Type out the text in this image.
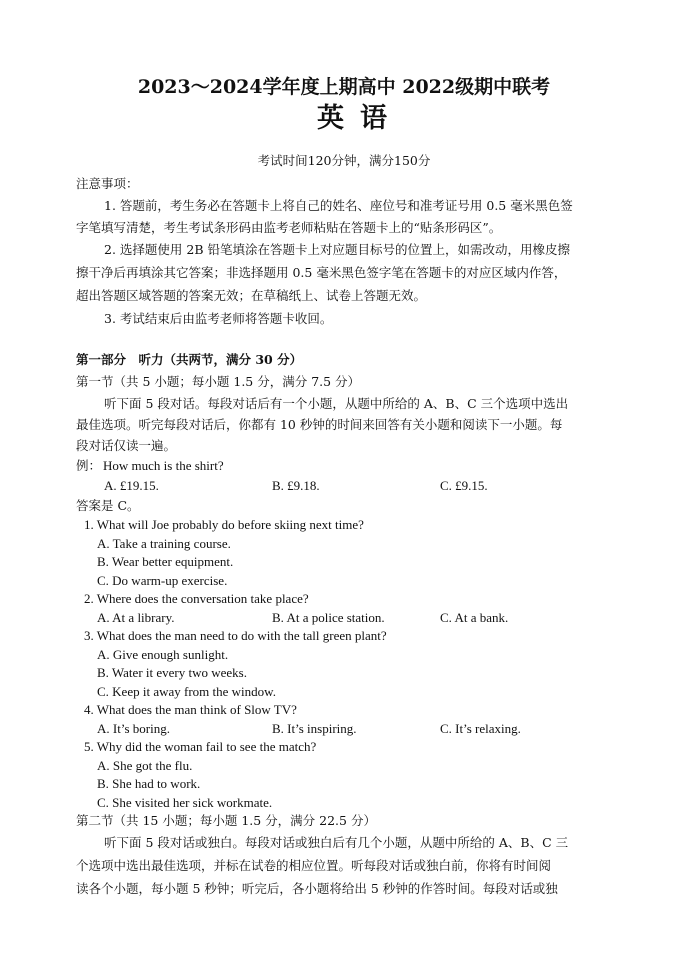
2023～2024学年度上期高中 2022级期中联考
英语
考试时间120分钟，满分150分
注意事项：
1. 答题前，考生务必在答题卡上将自己的姓名、座位号和准考证号用 0.5 毫米黑色签
字笔填写清楚，考生考试条形码由监考老师粘贴在答题卡上的“贴条形码区”。
2. 选择题使用 2B 铅笔填涂在答题卡上对应题目标号的位置上，如需改动，用橡皮擦
擦干净后再填涂其它答案；非选择题用 0.5 毫米黑色签字笔在答题卡的对应区域内作答，
超出答题区域答题的答案无效；在草稿纸上、试卷上答题无效。
3. 考试结束后由监考老师将答题卡收回。
第一部分　听力（共两节，满分 30 分）
第一节（共 5 小题；每小题 1.5 分，满分 7.5 分）
听下面 5 段对话。每段对话后有一个小题，从题中所给的 A、B、C 三个选项中选出
最佳选项。听完每段对话后，你都有 10 秒钟的时间来回答有关小题和阅读下一小题。每
段对话仅读一遍。
例： How much is the shirt?
A. £19.15.	B. £9.18.	C. £9.15.
答案是 C。
1. What will Joe probably do before skiing next time?
A. Take a training course.
B. Wear better equipment.
C. Do warm-up exercise.
2. Where does the conversation take place?
A. At a library.	B. At a police station.	C. At a bank.
3. What does the man need to do with the tall green plant?
A. Give enough sunlight.
B. Water it every two weeks.
C. Keep it away from the window.
4. What does the man think of Slow TV?
A. It’s boring.	B. It’s inspiring.	C. It’s relaxing.
5. Why did the woman fail to see the match?
A. She got the flu.
B. She had to work.
C. She visited her sick workmate.
第二节（共 15 小题；每小题 1.5 分，满分 22.5 分）
听下面 5 段对话或独白。每段对话或独白后有几个小题，从题中所给的 A、B、C 三
个选项中选出最佳选项，并标在试卷的相应位置。听每段对话或独白前，你将有时间阅
读各个小题，每小题 5 秒钟；听完后，各小题将给出 5 秒钟的作答时间。每段对话或独
